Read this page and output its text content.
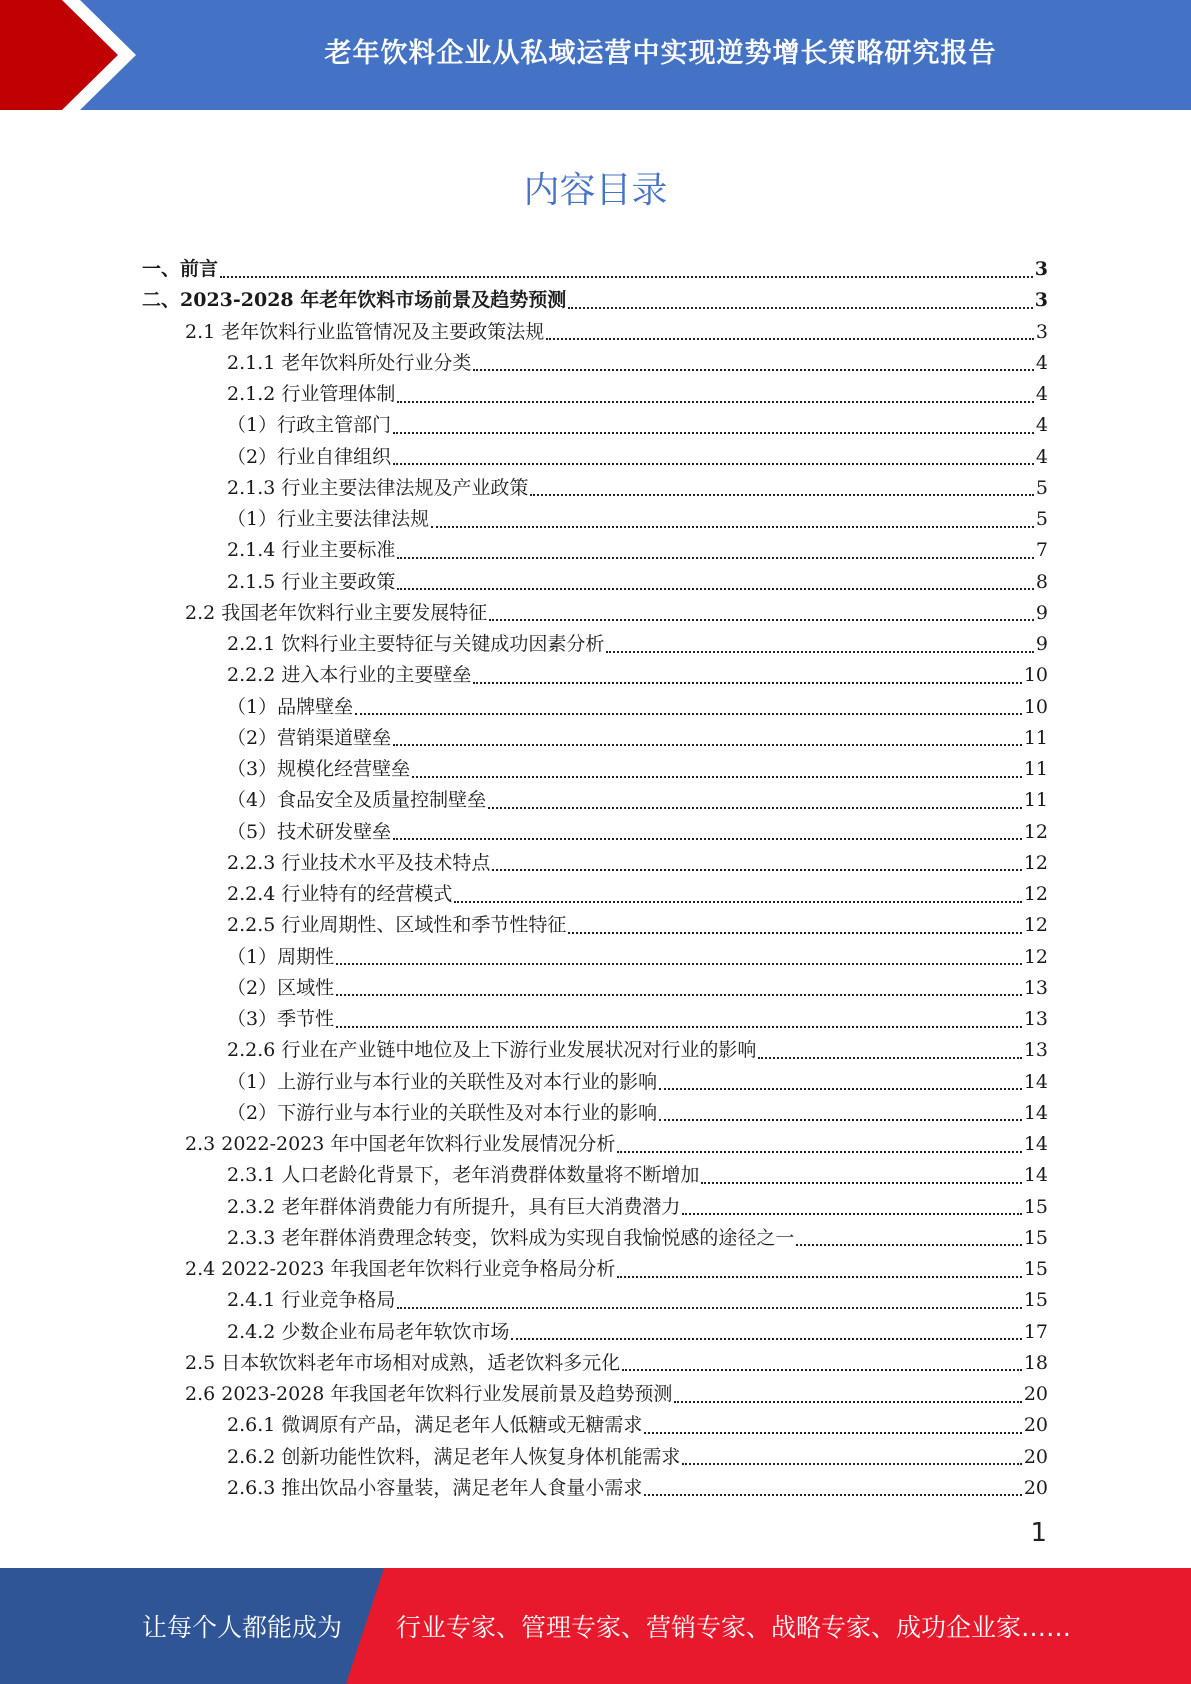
老年饮料企业从私域运营中实现逆势增长策略研究报告
内容目录
一、前言	3
二、2023-2028 年老年饮料市场前景及趋势预测	3
2.1 老年饮料行业监管情况及主要政策法规	3
2.1.1 老年饮料所处行业分类	4
2.1.2 行业管理体制	4
（1）行政主管部门	4
（2）行业自律组织	4
2.1.3 行业主要法律法规及产业政策	5
（1）行业主要法律法规	5
2.1.4 行业主要标准	7
2.1.5 行业主要政策	8
2.2 我国老年饮料行业主要发展特征	9
2.2.1 饮料行业主要特征与关键成功因素分析	9
2.2.2 进入本行业的主要壁垒	10
（1）品牌壁垒	10
（2）营销渠道壁垒	11
（3）规模化经营壁垒	11
（4）食品安全及质量控制壁垒	11
（5）技术研发壁垒	12
2.2.3 行业技术水平及技术特点	12
2.2.4 行业特有的经营模式	12
2.2.5 行业周期性、区域性和季节性特征	12
（1）周期性	12
（2）区域性	13
（3）季节性	13
2.2.6 行业在产业链中地位及上下游行业发展状况对行业的影响	13
（1）上游行业与本行业的关联性及对本行业的影响	14
（2）下游行业与本行业的关联性及对本行业的影响	14
2.3 2022-2023 年中国老年饮料行业发展情况分析	14
2.3.1 人口老龄化背景下，老年消费群体数量将不断增加	14
2.3.2 老年群体消费能力有所提升，具有巨大消费潜力	15
2.3.3 老年群体消费理念转变，饮料成为实现自我愉悦感的途径之一	15
2.4 2022-2023 年我国老年饮料行业竞争格局分析	15
2.4.1 行业竞争格局	15
2.4.2 少数企业布局老年软饮市场	17
2.5 日本软饮料老年市场相对成熟，适老饮料多元化	18
2.6 2023-2028 年我国老年饮料行业发展前景及趋势预测	20
2.6.1 微调原有产品，满足老年人低糖或无糖需求	20
2.6.2 创新功能性饮料，满足老年人恢复身体机能需求	20
2.6.3 推出饮品小容量装，满足老年人食量小需求	20
1
让每个人都能成为 行业专家、管理专家、营销专家、战略专家、成功企业家……
